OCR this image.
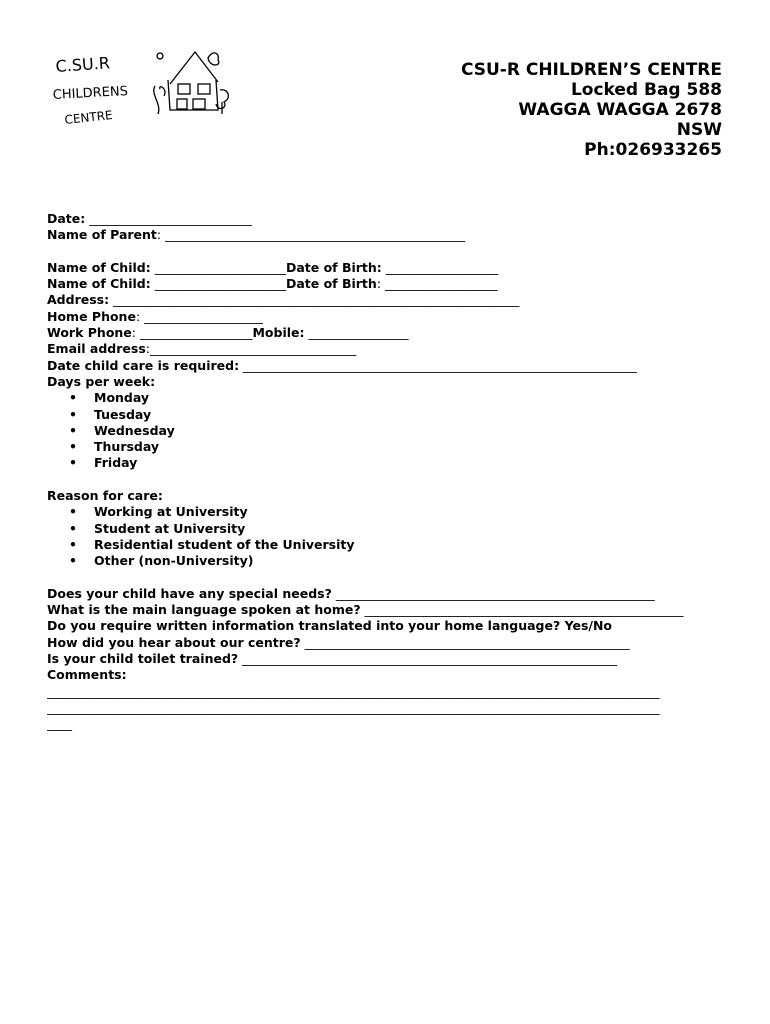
C.SU.R
CHILDRENS
CENTRE
CSU-R CHILDREN’S CENTRE
Locked Bag 588
WAGGA WAGGA 2678
NSW
Ph:026933265
Date: __________________________
Name of Parent: ________________________________________________
Name of Child: _____________________Date of Birth: __________________
Name of Child: _____________________Date of Birth: __________________
Address: _________________________________________________________________
Home Phone: ___________________
Work Phone: __________________Mobile: ________________
Email address:_________________________________
Date child care is required: _______________________________________________________________
Days per week:
• Monday
• Tuesday
• Wednesday
• Thursday
• Friday
Reason for care:
• Working at University
• Student at University
• Residential student of the University
• Other (non-University)
Does your child have any special needs? ___________________________________________________
What is the main language spoken at home? ___________________________________________________
Do you require written information translated into your home language? Yes/No
How did you hear about our centre? ____________________________________________________
Is your child toilet trained? ____________________________________________________________
Comments:
__________________________________________________________________________________________________
__________________________________________________________________________________________________
____
